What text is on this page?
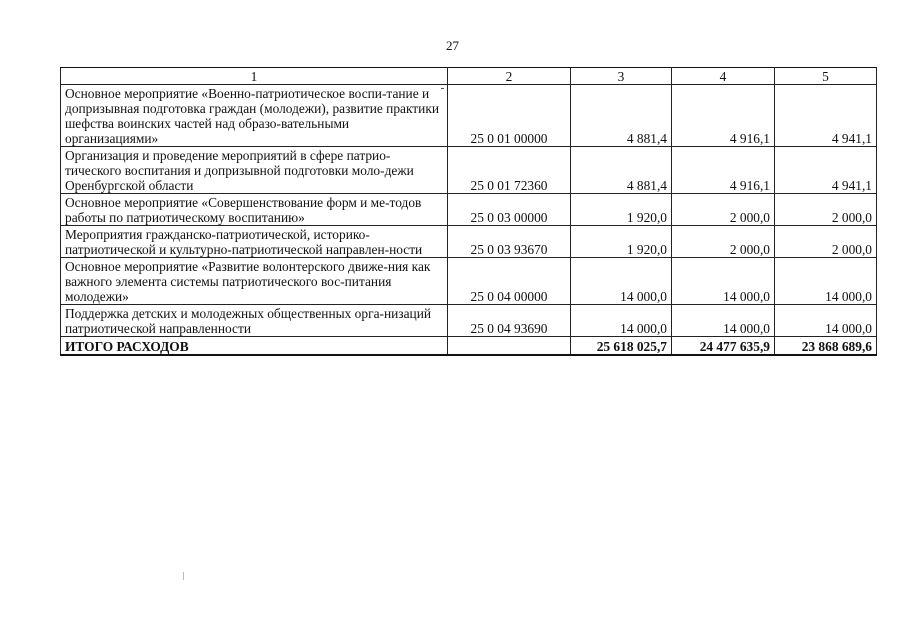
27
1	2	3	4	5
Основное мероприятие «Военно-патриотическое воспи-тание и допризывная подготовка граждан (молодежи), развитие практики шефства воинских частей над образо-вательными организациями»	25 0 01 00000	4 881,4	4 916,1	4 941,1
Организация и проведение мероприятий в сфере патрио-тического воспитания и допризывной подготовки моло-дежи Оренбургской области	25 0 01 72360	4 881,4	4 916,1	4 941,1
Основное мероприятие «Совершенствование форм и ме-тодов работы по патриотическому воспитанию»	25 0 03 00000	1 920,0	2 000,0	2 000,0
Мероприятия гражданско-патриотической, историко-патриотической и культурно-патриотической направлен-ности	25 0 03 93670	1 920,0	2 000,0	2 000,0
Основное мероприятие «Развитие волонтерского движе-ния как важного элемента системы патриотического вос-питания молодежи»	25 0 04 00000	14 000,0	14 000,0	14 000,0
Поддержка детских и молодежных общественных орга-низаций патриотической направленности	25 0 04 93690	14 000,0	14 000,0	14 000,0
ИТОГО РАСХОДОВ		25 618 025,7	24 477 635,9	23 868 689,6
